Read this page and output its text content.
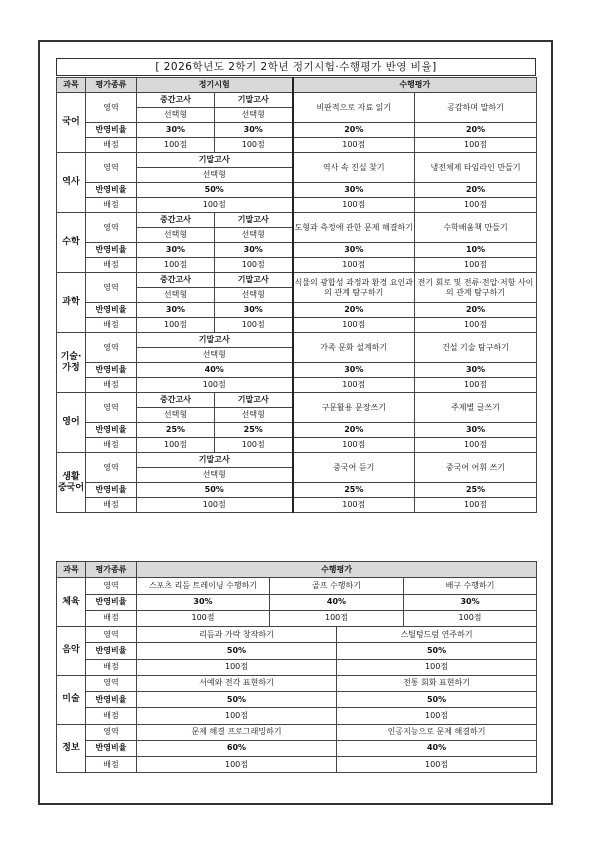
[ 2026학년도 2학기 2학년 정기시험·수행평가 반영 비율]
과목	평가종류	정기시험		수행평가	
국어	영역	중간고사	기말고사	비판적으로 자료 읽기	공감하며 말하기
		선택형	선택형		
	반영비율	30%	30%	20%	20%
	배점	100점	100점	100점	100점
역사	영역	기말고사		역사 속 진실 찾기	냉전체제 타임라인 만들기
		선택형			
	반영비율	50%		30%	20%
	배점	100점		100점	100점
수학	영역	중간고사	기말고사	도형과 측정에 관한 문제 해결하기	수학배움책 만들기
		선택형	선택형		
	반영비율	30%	30%	30%	10%
	배점	100점	100점	100점	100점
과학	영역	중간고사	기말고사	식물의 광합성 과정과 환경 요인과의 관계 탐구하기	전기 회로 및 전류·전압·저항 사이의 관계 탐구하기
		선택형	선택형		
	반영비율	30%	30%	20%	20%
	배점	100점	100점	100점	100점
기술·
가정	영역	기말고사		가족 문화 설계하기	건설 기술 탐구하기
		선택형			
	반영비율	40%		30%	30%
	배점	100점		100점	100점
영어	영역	중간고사	기말고사	구문활용 문장쓰기	주제별 글쓰기
		선택형	선택형		
	반영비율	25%	25%	20%	30%
	배점	100점	100점	100점	100점
생활
중국어	영역	기말고사		중국어 듣기	중국어 어휘 쓰기
		선택형			
	반영비율	50%		25%	25%
	배점	100점		100점	100점
과목	평가종류	수행평가			
체육	영역	스포츠 리듬 트레이닝 수행하기	골프 수행하기		배구 수행하기
	반영비율	30%	40%		30%
	배점	100점	100점		100점
음악	영역	리듬과 가락 창작하기		스틸텅드럼 연주하기	
	반영비율	50%		50%	
	배점	100점		100점	
미술	영역	서예와 전각 표현하기		전통 회화 표현하기	
	반영비율	50%		50%	
	배점	100점		100점	
정보	영역	문제 해결 프로그래밍하기		인공지능으로 문제 해결하기	
	반영비율	60%		40%	
	배점	100점		100점	
